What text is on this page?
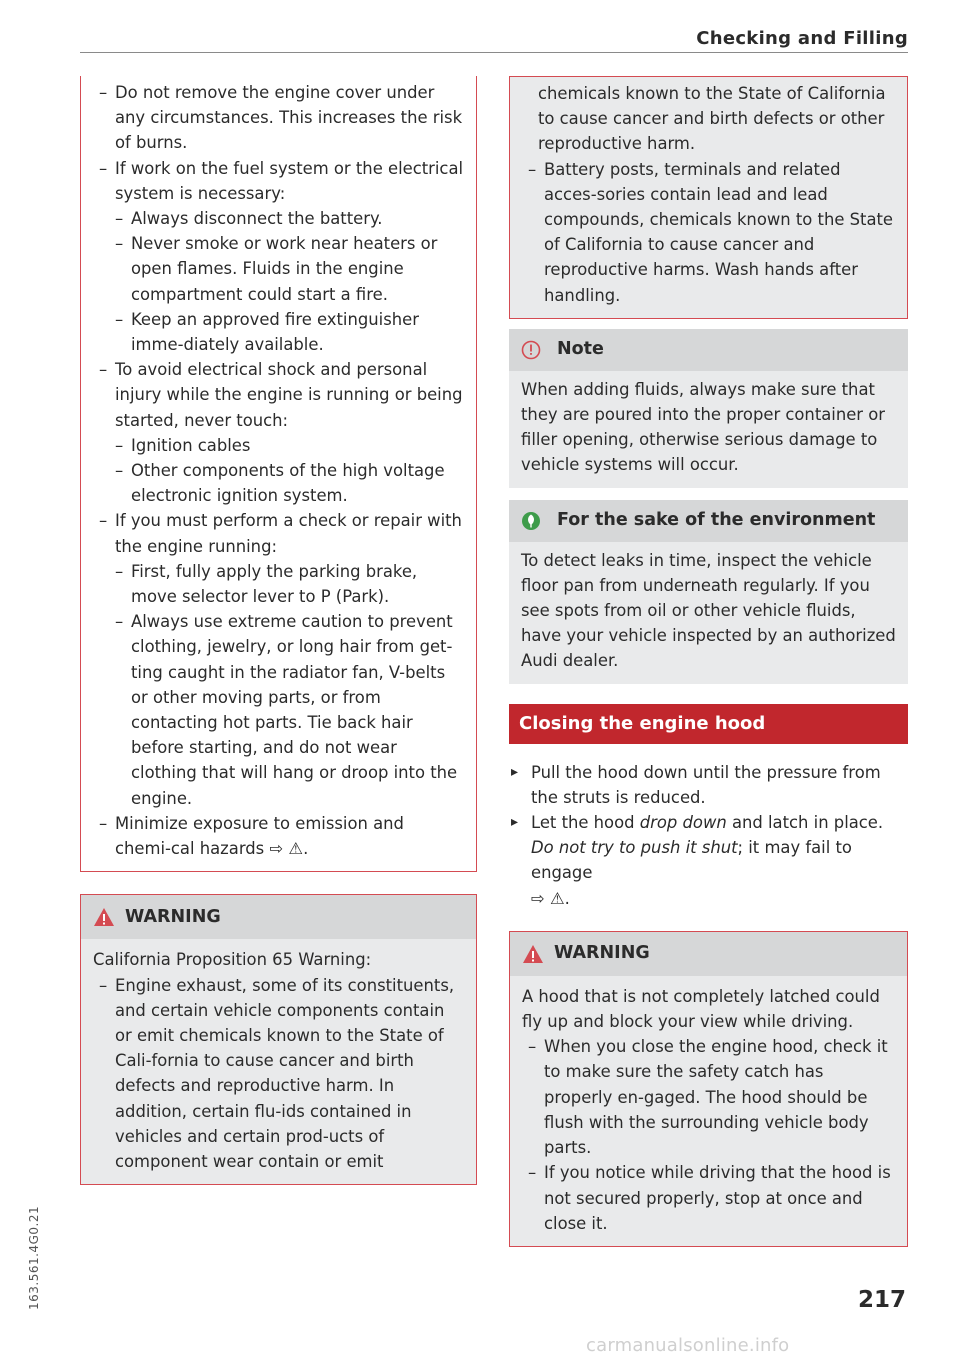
Checking and Filling
– Do not remove the engine cover under any circumstances. This increases the risk of burns.
– If work on the fuel system or the electrical system is necessary:
– Always disconnect the battery.
– Never smoke or work near heaters or open flames. Fluids in the engine compartment could start a fire.
– Keep an approved fire extinguisher imme-diately available.
– To avoid electrical shock and personal injury while the engine is running or being started, never touch:
– Ignition cables
– Other components of the high voltage electronic ignition system.
– If you must perform a check or repair with the engine running:
– First, fully apply the parking brake, move selector lever to P (Park).
– Always use extreme caution to prevent clothing, jewelry, or long hair from get-ting caught in the radiator fan, V-belts or other moving parts, or from contacting hot parts. Tie back hair before starting, and do not wear clothing that will hang or droop into the engine.
– Minimize exposure to emission and chemi-cal hazards ⇨ ⚠.
WARNING

California Proposition 65 Warning:

– Engine exhaust, some of its constituents, and certain vehicle components contain or emit chemicals known to the State of Cali-fornia to cause cancer and birth defects and reproductive harm. In addition, certain flu-ids contained in vehicles and certain prod-ucts of component wear contain or emit

chemicals known to the State of California to cause cancer and birth defects or other reproductive harm.

– Battery posts, terminals and related acces-sories contain lead and lead compounds, chemicals known to the State of California to cause cancer and reproductive harms. Wash hands after handling.
Note

When adding fluids, always make sure that they are poured into the proper container or filler opening, otherwise serious damage to vehicle systems will occur.

For the sake of the environment

To detect leaks in time, inspect the vehicle floor pan from underneath regularly. If you see spots from oil or other vehicle fluids, have your vehicle inspected by an authorized Audi dealer.

Closing the engine hood
▸ Pull the hood down until the pressure from the struts is reduced.
▸ Let the hood drop down and latch in place. Do not try to push it shut; it may fail to engage
⇨ ⚠.
WARNING

A hood that is not completely latched could fly up and block your view while driving.

– When you close the engine hood, check it to make sure the safety catch has properly en-gaged. The hood should be flush with the surrounding vehicle body parts.
– If you notice while driving that the hood is not secured properly, stop at once and close it.
163.561.4G0.21	217
carmanualsonline.info
